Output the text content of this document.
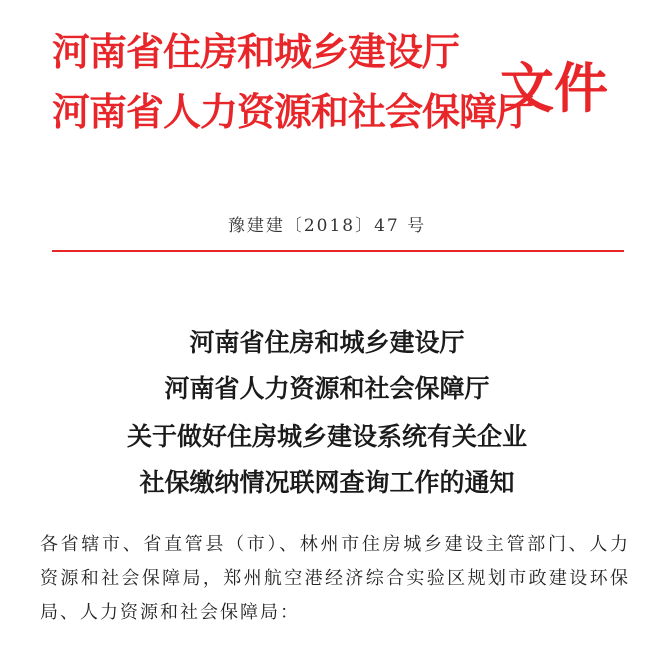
河南省住房和城乡建设厅
河南省人力资源和社会保障厅
文件
豫建建〔2018〕47 号
河南省住房和城乡建设厅
河南省人力资源和社会保障厅
关于做好住房城乡建设系统有关企业
社保缴纳情况联网查询工作的通知
各省辖市、省直管县（市）、林州市住房城乡建设主管部门、人力资源和社会保障局，郑州航空港经济综合实验区规划市政建设环保局、人力资源和社会保障局：
